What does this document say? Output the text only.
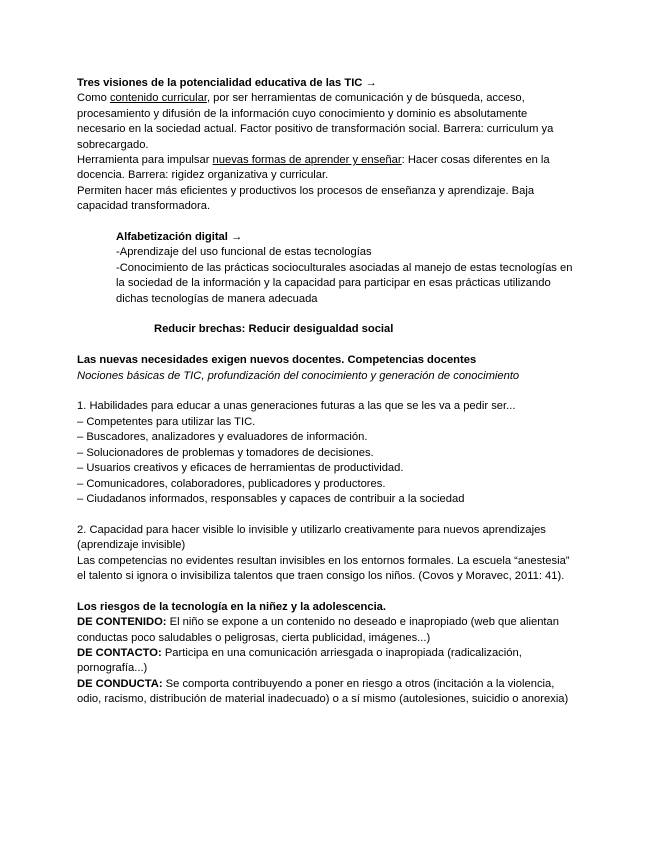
Tres visiones de la potencialidad educativa de las TIC →

Como contenido curricular, por ser herramientas de comunicación y de búsqueda, acceso, procesamiento y difusión de la información cuyo conocimiento y dominio es absolutamente necesario en la sociedad actual. Factor positivo de transformación social. Barrera: curriculum ya sobrecargado.

Herramienta para impulsar nuevas formas de aprender y enseñar: Hacer cosas diferentes en la docencia. Barrera: rigidez organizativa y curricular.

Permiten hacer más eficientes y productivos los procesos de enseñanza y aprendizaje. Baja capacidad transformadora.

Alfabetización digital →

-Aprendizaje del uso funcional de estas tecnologías

-Conocimiento de las prácticas socioculturales asociadas al manejo de estas tecnologías en la sociedad de la información y la capacidad para participar en esas prácticas utilizando dichas tecnologías de manera adecuada

Reducir brechas: Reducir desigualdad social

Las nuevas necesidades exigen nuevos docentes. Competencias docentes

Nociones básicas de TIC, profundización del conocimiento y generación de conocimiento

1. Habilidades para educar a unas generaciones futuras a las que se les va a pedir ser...

– Competentes para utilizar las TIC.

– Buscadores, analizadores y evaluadores de información.

– Solucionadores de problemas y tomadores de decisiones.

– Usuarios creativos y eficaces de herramientas de productividad.

– Comunicadores, colaboradores, publicadores y productores.

– Ciudadanos informados, responsables y capaces de contribuir a la sociedad

2. Capacidad para hacer visible lo invisible y utilizarlo creativamente para nuevos aprendizajes (aprendizaje invisible)

Las competencias no evidentes resultan invisibles en los entornos formales. La escuela “anestesia” el talento si ignora o invisibiliza talentos que traen consigo los niños. (Covos y Moravec, 2011: 41).

Los riesgos de la tecnología en la niñez y la adolescencia.

DE CONTENIDO: El niño se expone a un contenido no deseado e inapropiado (web que alientan conductas poco saludables o peligrosas, cierta publicidad, imágenes...)

DE CONTACTO: Participa en una comunicación arriesgada o inapropiada (radicalización, pornografía...)

DE CONDUCTA: Se comporta contribuyendo a poner en riesgo a otros (incitación a la violencia, odio, racismo, distribución de material inadecuado) o a sí mismo (autolesiones, suicidio o anorexia)
